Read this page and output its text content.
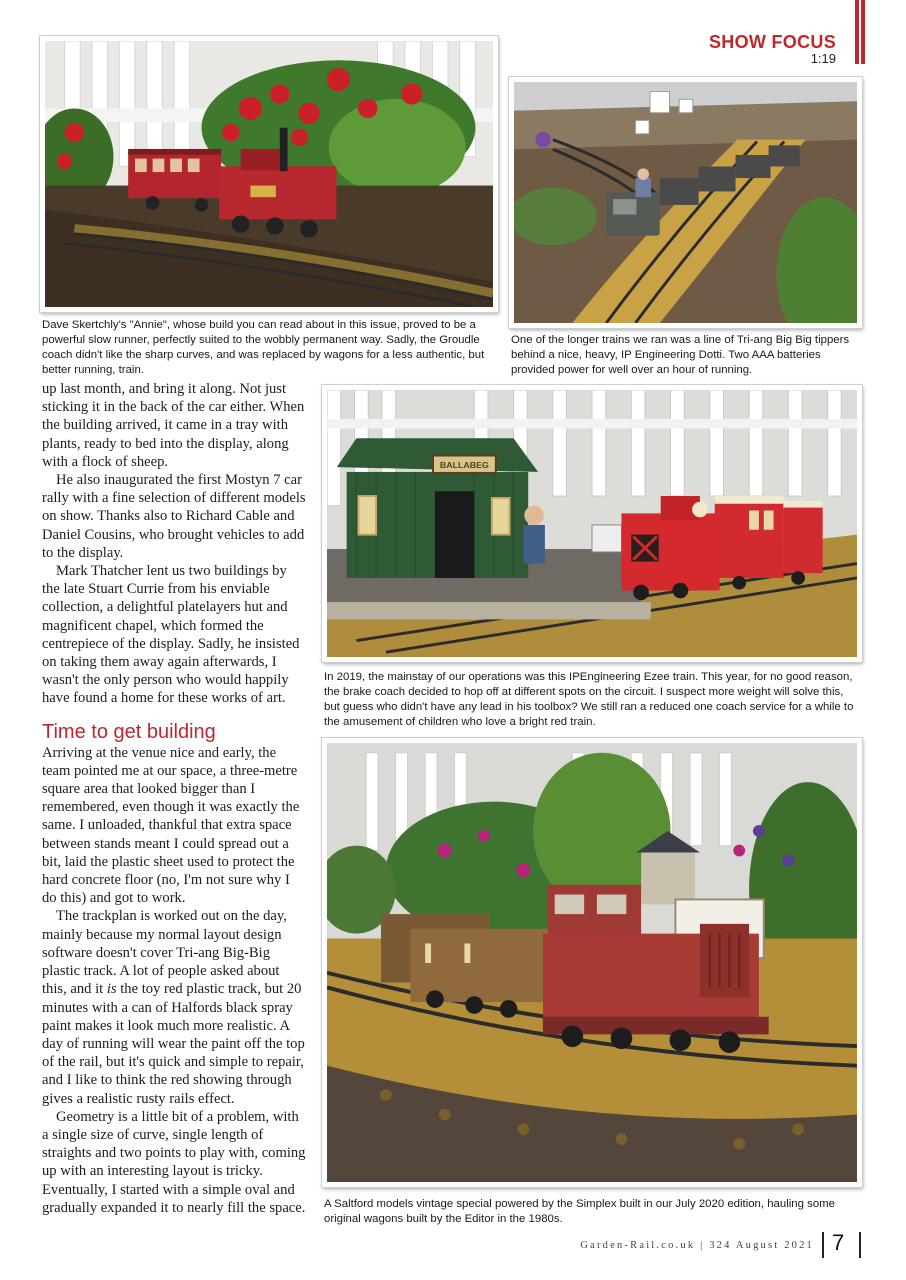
SHOW FOCUS
1:19
Dave Skertchly's "Annie", whose build you can read about in this issue, proved to be a powerful slow runner, perfectly suited to the wobbly permanent way. Sadly, the Groudle coach didn't like the sharp curves, and was replaced by wagons for a less authentic, but better running, train.
One of the longer trains we ran was a line of Tri-ang Big Big tippers behind a nice, heavy, IP Engineering Dotti. Two AAA batteries provided power for well over an hour of running.
BALLABEG
In 2019, the mainstay of our operations was this IPEngineering Ezee train. This year, for no good reason, the brake coach decided to hop off at different spots on the circuit. I suspect more weight will solve this, but guess who didn't have any lead in his toolbox? We still ran a reduced one coach service for a while to the amusement of children who love a bright red train.
A Saltford models vintage special powered by the Simplex built in our July 2020 edition, hauling some original wagons built by the Editor in the 1980s.

up last month, and bring it along. Not just sticking it in the back of the car either. When the building arrived, it came in a tray with plants, ready to bed into the display, along with a flock of sheep.

He also inaugurated the first Mostyn 7 car rally with a fine selection of different models on show. Thanks also to Richard Cable and Daniel Cousins, who brought vehicles to add to the display.

Mark Thatcher lent us two buildings by the late Stuart Currie from his enviable collection, a delightful platelayers hut and magnificent chapel, which formed the centrepiece of the display. Sadly, he insisted on taking them away again afterwards, I wasn't the only person who would happily have found a home for these works of art.

Time to get building

Arriving at the venue nice and early, the team pointed me at our space, a three-metre square area that looked bigger than I remembered, even though it was exactly the same. I unloaded, thankful that extra space between stands meant I could spread out a bit, laid the plastic sheet used to protect the hard concrete floor (no, I'm not sure why I do this) and got to work.

The trackplan is worked out on the day, mainly because my normal layout design software doesn't cover Tri-ang Big-Big plastic track. A lot of people asked about this, and it is the toy red plastic track, but 20 minutes with a can of Halfords black spray paint makes it look much more realistic. A day of running will wear the paint off the top of the rail, but it's quick and simple to repair, and I like to think the red showing through gives a realistic rusty rails effect.

Geometry is a little bit of a problem, with a single size of curve, single length of straights and two points to play with, coming up with an interesting layout is tricky. Eventually, I started with a simple oval and gradually expanded it to nearly fill the space.

Garden-Rail.co.uk | 324 August 2021 7
